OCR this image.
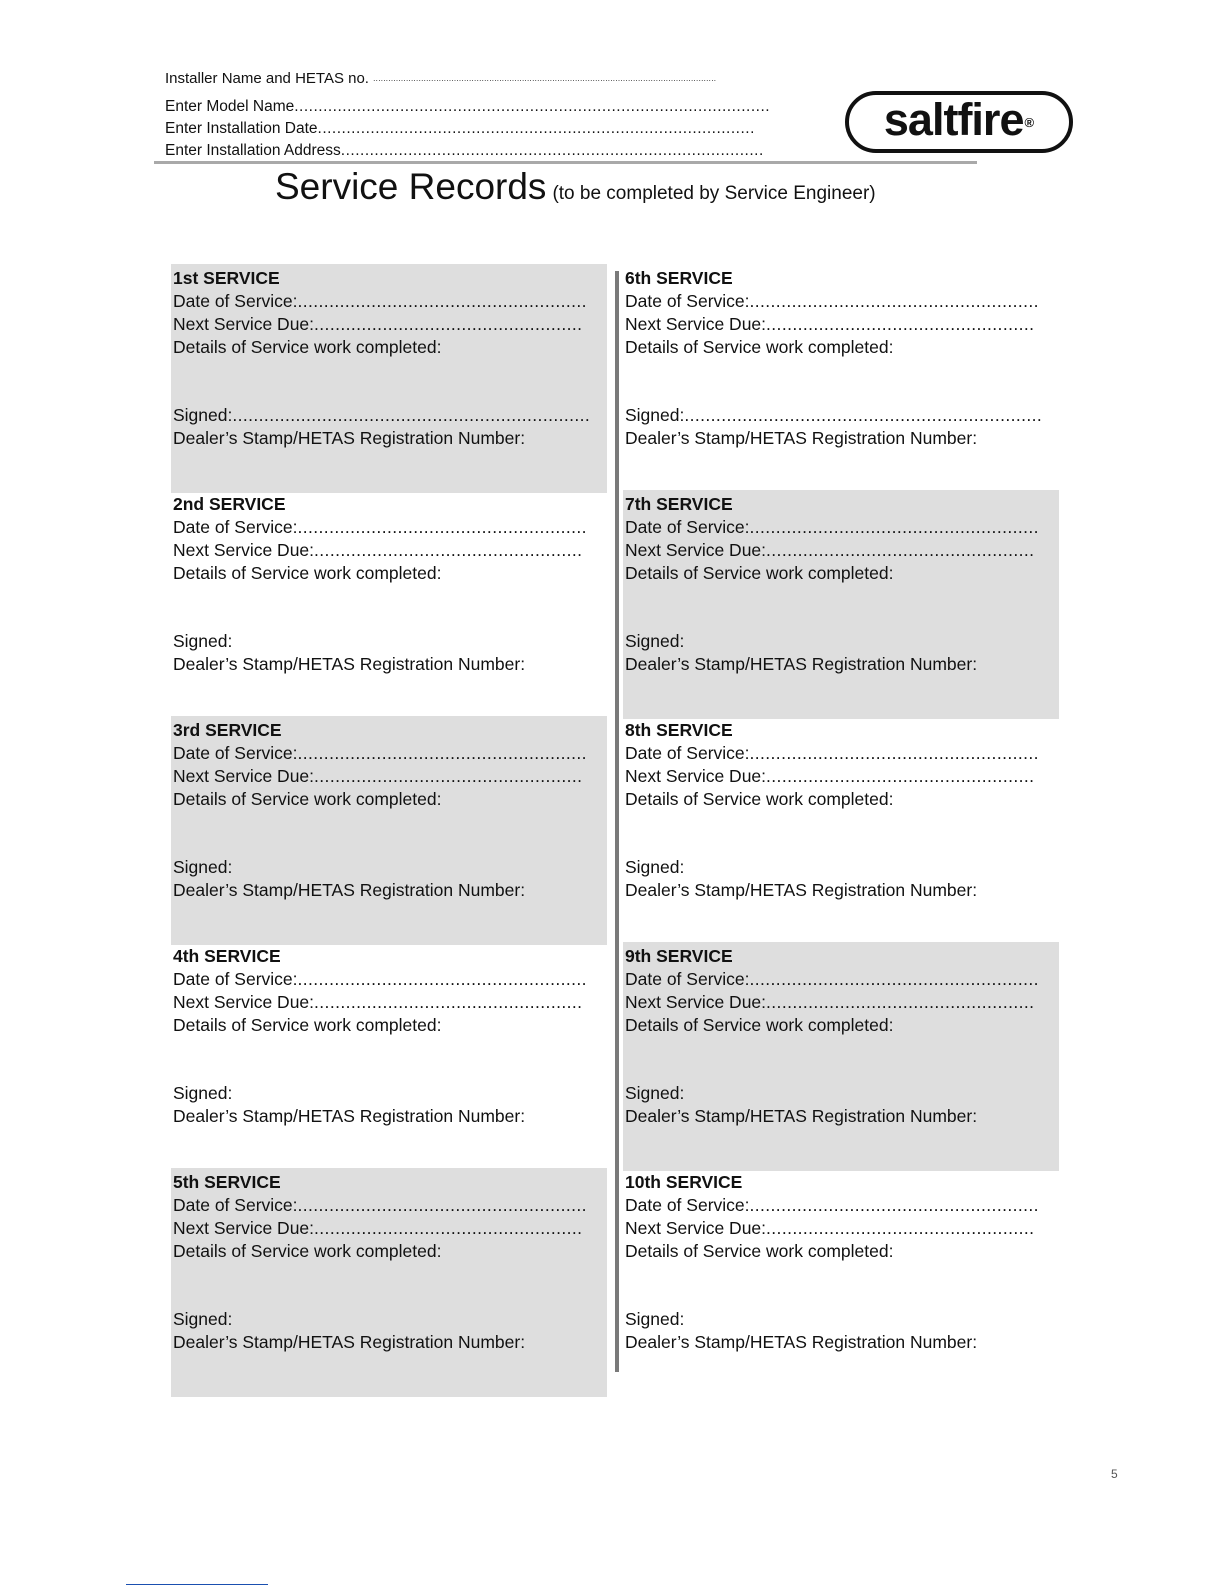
Installer Name and HETAS no. ........................................................................................................................................
Enter Model Name...................................................................................................
Enter Installation Date...........................................................................................
Enter Installation Address........................................................................................
saltfire ®
Service Records (to be completed by Service Engineer)
1st SERVICE
Date of Service:.......................................................
Next Service Due:...................................................
Details of Service work completed:
Signed:....................................................................
Dealer’s Stamp/HETAS Registration Number:
2nd SERVICE
Date of Service:.......................................................
Next Service Due:...................................................
Details of Service work completed:
Signed:
Dealer’s Stamp/HETAS Registration Number:
3rd SERVICE
Date of Service:.......................................................
Next Service Due:...................................................
Details of Service work completed:
Signed:
Dealer’s Stamp/HETAS Registration Number:
4th SERVICE
Date of Service:.......................................................
Next Service Due:...................................................
Details of Service work completed:
Signed:
Dealer’s Stamp/HETAS Registration Number:
5th SERVICE
Date of Service:.......................................................
Next Service Due:...................................................
Details of Service work completed:
Signed:
Dealer’s Stamp/HETAS Registration Number:
6th SERVICE
Date of Service:.......................................................
Next Service Due:...................................................
Details of Service work completed:
Signed:....................................................................
Dealer’s Stamp/HETAS Registration Number:
7th SERVICE
Date of Service:.......................................................
Next Service Due:...................................................
Details of Service work completed:
Signed:
Dealer’s Stamp/HETAS Registration Number:
8th SERVICE
Date of Service:.......................................................
Next Service Due:...................................................
Details of Service work completed:
Signed:
Dealer’s Stamp/HETAS Registration Number:
9th SERVICE
Date of Service:.......................................................
Next Service Due:...................................................
Details of Service work completed:
Signed:
Dealer’s Stamp/HETAS Registration Number:
10th SERVICE
Date of Service:.......................................................
Next Service Due:...................................................
Details of Service work completed:
Signed:
Dealer’s Stamp/HETAS Registration Number:
5
